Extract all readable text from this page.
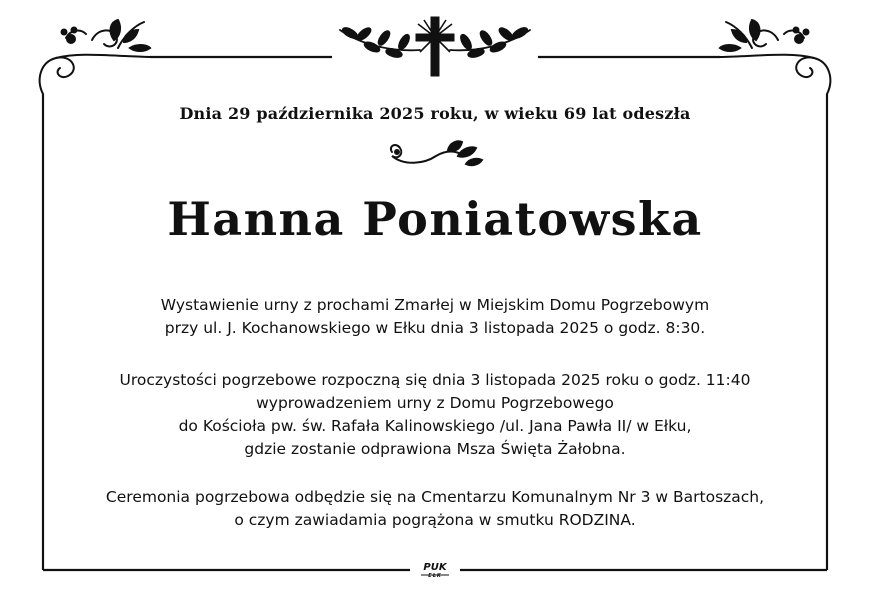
Dnia 29 października 2025 roku, w wieku 69 lat odeszła
Hanna Poniatowska
Wystawienie urny z prochami Zmarłej w Miejskim Domu Pogrzebowym
przy ul. J. Kochanowskiego w Ełku dnia 3 listopada 2025 o godz. 8:30.
Uroczystości pogrzebowe rozpoczną się dnia 3 listopada 2025 roku o godz. 11:40
wyprowadzeniem urny z Domu Pogrzebowego
do Kościoła pw. św. Rafała Kalinowskiego /ul. Jana Pawła II/ w Ełku,
gdzie zostanie odprawiona Msza Święta Żałobna.
Ceremonia pogrzebowa odbędzie się na Cmentarzu Komunalnym Nr 3 w Bartoszach,
o czym zawiadamia pogrążona w smutku RODZINA.
PUK
EŁK
